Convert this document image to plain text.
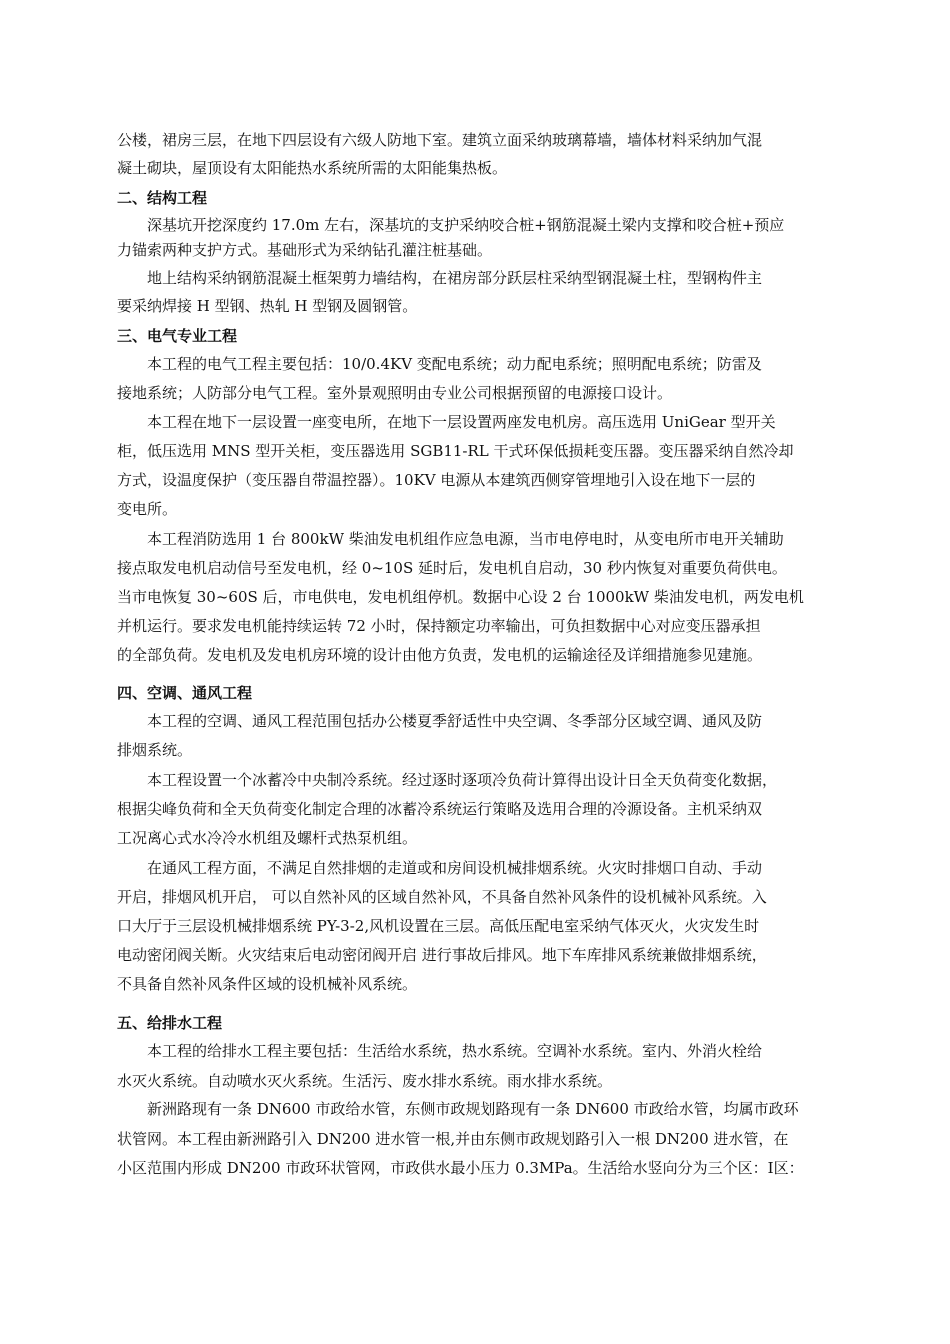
公楼，裙房三层，在地下四层设有六级人防地下室。建筑立面采纳玻璃幕墙，墙体材料采纳加气混
凝土砌块，屋顶设有太阳能热水系统所需的太阳能集热板。
二、结构工程
深基坑开挖深度约 17.0m 左右，深基坑的支护采纳咬合桩+钢筋混凝土梁内支撑和咬合桩+预应
力锚索两种支护方式。基础形式为采纳钻孔灌注桩基础。
地上结构采纳钢筋混凝土框架剪力墙结构，在裙房部分跃层柱采纳型钢混凝土柱，型钢构件主
要采纳焊接 H 型钢、热轧 H 型钢及圆钢管。
三、电气专业工程
本工程的电气工程主要包括：10/0.4KV 变配电系统；动力配电系统；照明配电系统；防雷及
接地系统；人防部分电气工程。室外景观照明由专业公司根据预留的电源接口设计。
本工程在地下一层设置一座变电所，在地下一层设置两座发电机房。高压选用 UniGear 型开关
柜，低压选用 MNS 型开关柜，变压器选用 SGB11-RL 干式环保低损耗变压器。变压器采纳自然冷却
方式，设温度保护（变压器自带温控器）。10KV 电源从本建筑西侧穿管埋地引入设在地下一层的
变电所。
本工程消防选用 1 台 800kW 柴油发电机组作应急电源，当市电停电时，从变电所市电开关辅助
接点取发电机启动信号至发电机，经 0~10S 延时后，发电机自启动，30 秒内恢复对重要负荷供电。
当市电恢复 30~60S 后，市电供电，发电机组停机。数据中心设 2 台 1000kW 柴油发电机，两发电机
并机运行。要求发电机能持续运转 72 小时，保持额定功率输出，可负担数据中心对应变压器承担
的全部负荷。发电机及发电机房环境的设计由他方负责，发电机的运输途径及详细措施参见建施。
四、空调、通风工程
本工程的空调、通风工程范围包括办公楼夏季舒适性中央空调、冬季部分区域空调、通风及防
排烟系统。
本工程设置一个冰蓄冷中央制冷系统。经过逐时逐项冷负荷计算得出设计日全天负荷变化数据，
根据尖峰负荷和全天负荷变化制定合理的冰蓄冷系统运行策略及选用合理的冷源设备。主机采纳双
工况离心式水冷冷水机组及螺杆式热泵机组。
在通风工程方面，不满足自然排烟的走道或和房间设机械排烟系统。火灾时排烟口自动、手动
开启，排烟风机开启， 可以自然补风的区域自然补风，不具备自然补风条件的设机械补风系统。入
口大厅于三层设机械排烟系统 PY-3-2,风机设置在三层。高低压配电室采纳气体灭火，火灾发生时
电动密闭阀关断。火灾结束后电动密闭阀开启 进行事故后排风。地下车库排风系统兼做排烟系统，
不具备自然补风条件区域的设机械补风系统。
五、给排水工程
本工程的给排水工程主要包括：生活给水系统，热水系统。空调补水系统。室内、外消火栓给
水灭火系统。自动喷水灭火系统。生活污、废水排水系统。雨水排水系统。
新洲路现有一条 DN600 市政给水管，东侧市政规划路现有一条 DN600 市政给水管，均属市政环
状管网。本工程由新洲路引入 DN200 进水管一根,并由东侧市政规划路引入一根 DN200 进水管，在
小区范围内形成 DN200 市政环状管网，市政供水最小压力 0.3MPa。生活给水竖向分为三个区：Ⅰ区：
